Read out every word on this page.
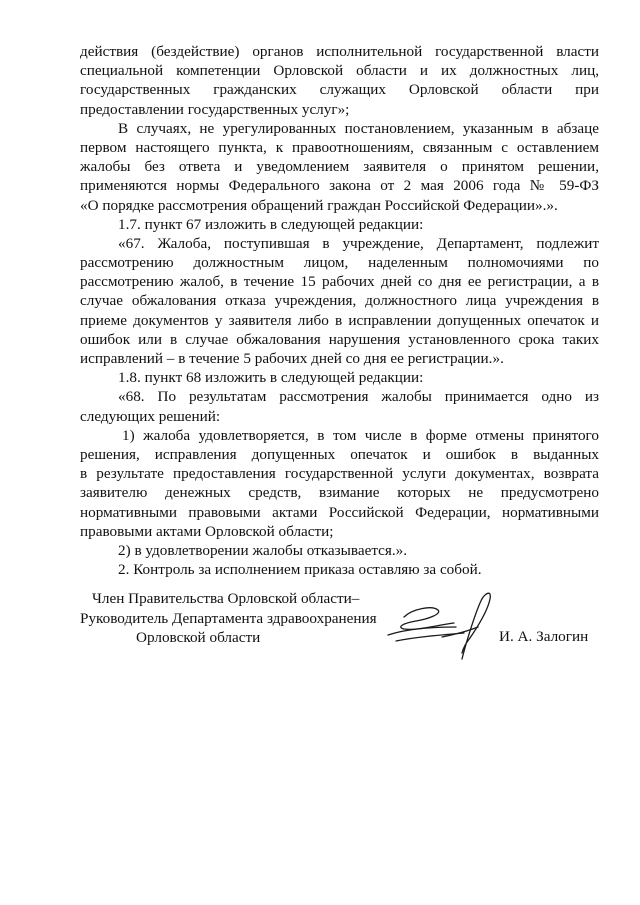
действия (бездействие) органов исполнительной государственной власти
специальной компетенции Орловской области и их должностных лиц,
государственных гражданских служащих Орловской области при
предоставлении государственных услуг»;
В случаях, не урегулированных постановлением, указанным в абзаце
первом настоящего пункта, к правоотношениям, связанным с оставлением
жалобы без ответа и уведомлением заявителя о принятом решении,
применяются нормы Федерального закона от 2 мая 2006 года № 59-ФЗ
«О порядке рассмотрения обращений граждан Российской Федерации».».
1.7. пункт 67 изложить в следующей редакции:
«67. Жалоба, поступившая в учреждение, Департамент, подлежит
рассмотрению должностным лицом, наделенным полномочиями по
рассмотрению жалоб, в течение 15 рабочих дней со дня ее регистрации, а в
случае обжалования отказа учреждения, должностного лица учреждения в
приеме документов у заявителя либо в исправлении допущенных опечаток и
ошибок или в случае обжалования нарушения установленного срока таких
исправлений – в течение 5 рабочих дней со дня ее регистрации.».
1.8. пункт 68 изложить в следующей редакции:
«68. По результатам рассмотрения жалобы принимается одно из
следующих решений:
1) жалоба удовлетворяется, в том числе в форме отмены принятого
решения, исправления допущенных опечаток и ошибок в выданных
в результате предоставления государственной услуги документах, возврата
заявителю денежных средств, взимание которых не предусмотрено
нормативными правовыми актами Российской Федерации, нормативными
правовыми актами Орловской области;
2) в удовлетворении жалобы отказывается.».
2. Контроль за исполнением приказа оставляю за собой.
Член Правительства Орловской области–
Руководитель Департамента здравоохранения
Орловской области	И. А. Залогин
